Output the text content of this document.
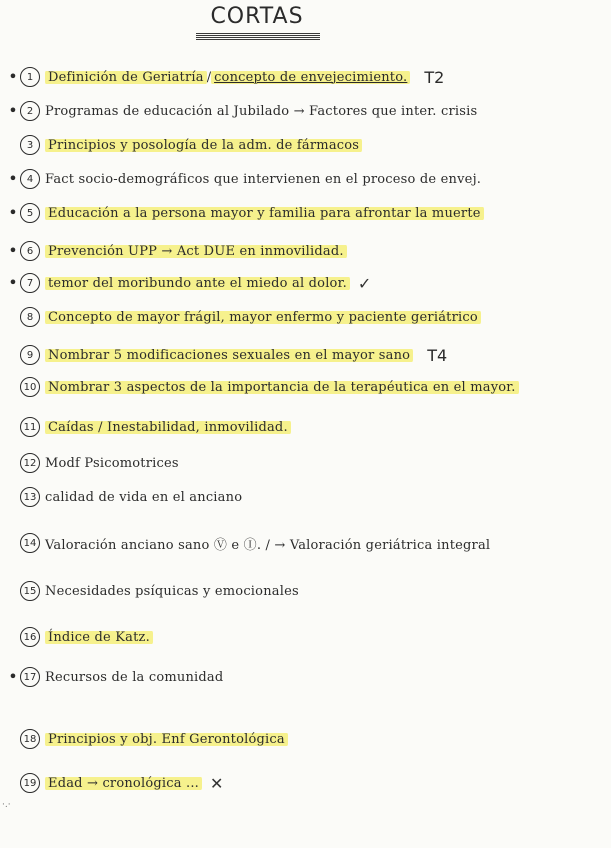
CORTAS
• 1	Definición de Geriatría / concepto de envejecimiento. T2
• 2 Programas de educación al Jubilado → Factores que inter. crisis
3	Principios y posología de la adm. de fármacos
• 4 Fact socio-demográficos que intervienen en el proceso de envej.
• 5	Educación a la persona mayor y familia para afrontar la muerte
• 6	Prevención UPP → Act DUE en inmovilidad.
• 7	temor del moribundo ante el miedo al dolor. ✓
8	Concepto de mayor frágil, mayor enfermo y paciente geriátrico
9	Nombrar 5 modificaciones sexuales en el mayor sano T4
10 Nombrar 3 aspectos de la importancia de la terapéutica en el mayor.
11 Caídas / Inestabilidad, inmovilidad.
12 Modf Psicomotrices
13 calidad de vida en el anciano
14 Valoración anciano sano Ⓥ e Ⓘ. / → Valoración geriátrica integral
15 Necesidades psíquicas y emocionales
16 Índice de Katz.
• 17 Recursos de la comunidad
18 Principios y obj. Enf Gerontológica
19 Edad → cronológica ... ✕
·.·
